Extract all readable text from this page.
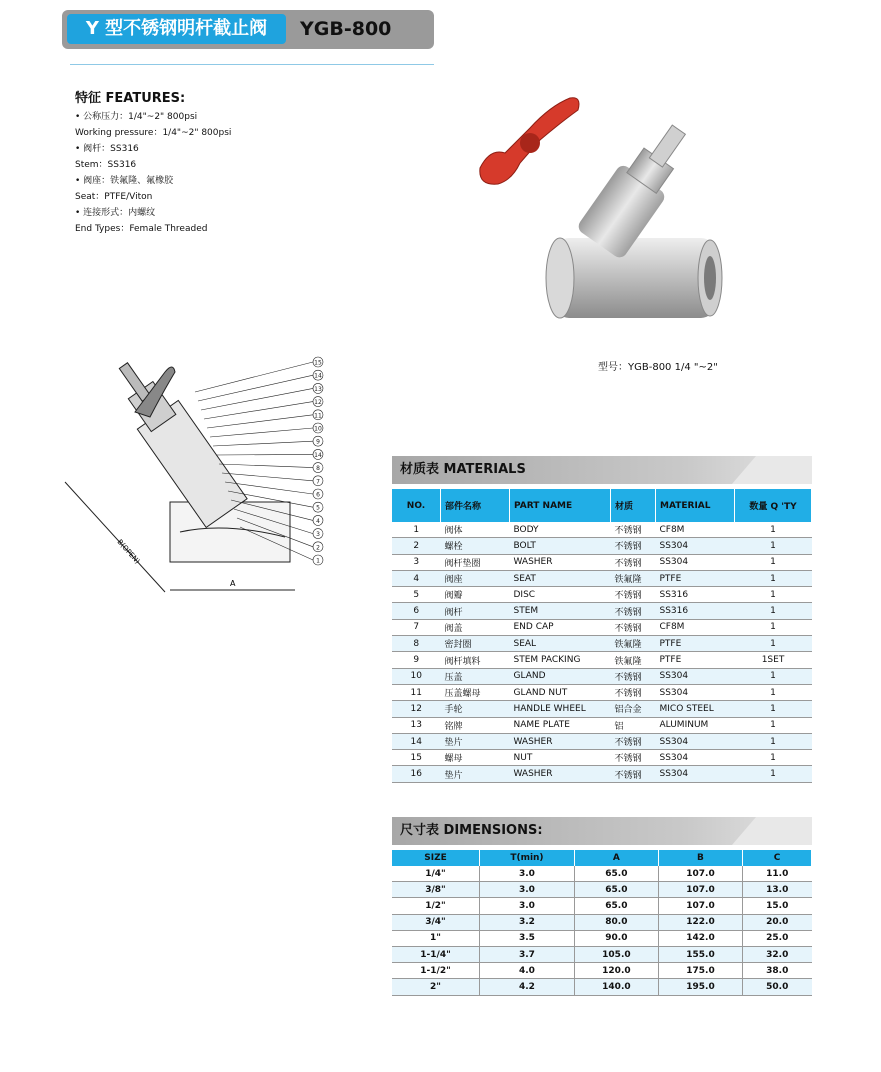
Y 型不锈钢明杆截止阀	YGB-800
特征 FEATURES:
• 公称压力：1/4"~2" 800psi
Working pressure：1/4"~2" 800psi
• 阀杆：SS316
Stem：SS316
• 阀座：铁氟隆、氟橡胶
Seat：PTFE/Viton
• 连接形式：内螺纹
End Types：Female Threaded
型号：YGB-800 1/4 "~2"
B(OPEN)
A
15
14
13
12
11
10
9
14
8
7
6
5
4
3
2
1
材质表 MATERIALS
NO.	部件名称	PART NAME	材质	MATERIAL	数量 Q 'TY
1	阀体	BODY	不锈钢	CF8M	1
2	螺栓	BOLT	不锈钢	SS304	1
3	阀杆垫圈	WASHER	不锈钢	SS304	1
4	阀座	SEAT	铁氟隆	PTFE	1
5	阀瓣	DISC	不锈钢	SS316	1
6	阀杆	STEM	不锈钢	SS316	1
7	阀盖	END CAP	不锈钢	CF8M	1
8	密封圈	SEAL	铁氟隆	PTFE	1
9	阀杆填料	STEM PACKING	铁氟隆	PTFE	1SET
10	压盖	GLAND	不锈钢	SS304	1
11	压盖螺母	GLAND NUT	不锈钢	SS304	1
12	手轮	HANDLE WHEEL	铝合金	MICO STEEL	1
13	铭牌	NAME PLATE	铝	ALUMINUM	1
14	垫片	WASHER	不锈钢	SS304	1
15	螺母	NUT	不锈钢	SS304	1
16	垫片	WASHER	不锈钢	SS304	1
尺寸表 DIMENSIONS:
SIZE	T(min)	A	B	C
1/4"	3.0	65.0	107.0	11.0
3/8"	3.0	65.0	107.0	13.0
1/2"	3.0	65.0	107.0	15.0
3/4"	3.2	80.0	122.0	20.0
1"	3.5	90.0	142.0	25.0
1-1/4"	3.7	105.0	155.0	32.0
1-1/2"	4.0	120.0	175.0	38.0
2"	4.2	140.0	195.0	50.0
